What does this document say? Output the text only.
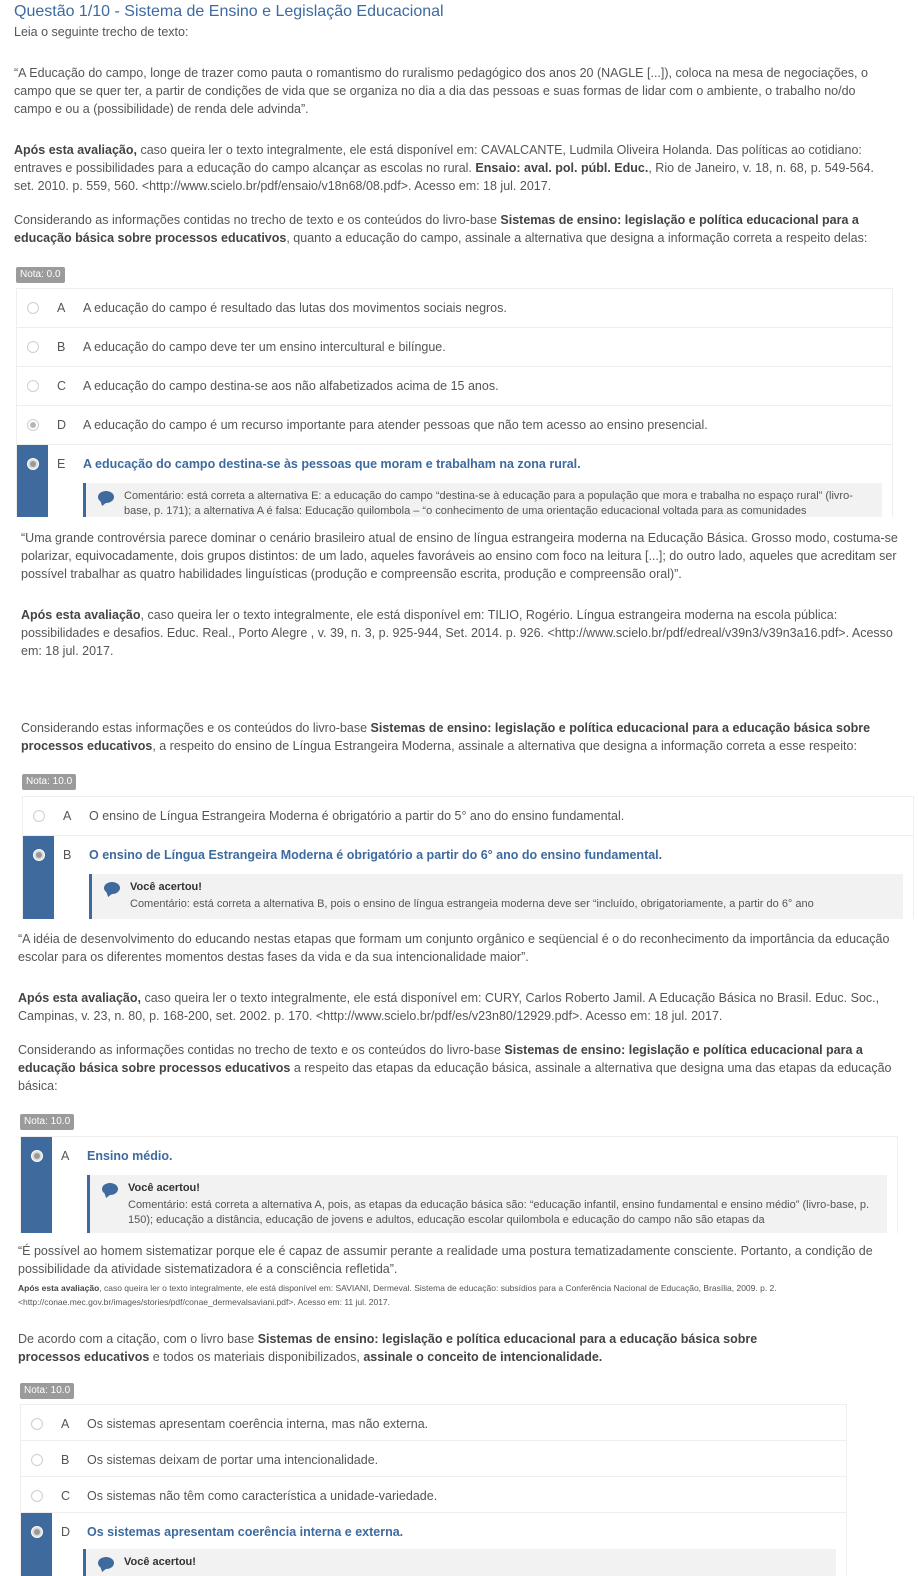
Questão 1/10 - Sistema de Ensino e Legislação Educacional
Leia o seguinte trecho de texto:

“A Educação do campo, longe de trazer como pauta o romantismo do ruralismo pedagógico dos anos 20 (NAGLE [...]), coloca na mesa de negociações, o campo que se quer ter, a partir de condições de vida que se organiza no dia a dia das pessoas e suas formas de lidar com o ambiente, o trabalho no/do campo e ou a (possibilidade) de renda dele advinda”.

Após esta avaliação, caso queira ler o texto integralmente, ele está disponível em: CAVALCANTE, Ludmila Oliveira Holanda. Das políticas ao cotidiano: entraves e possibilidades para a educação do campo alcançar as escolas no rural. Ensaio: aval. pol. públ. Educ., Rio de Janeiro, v. 18, n. 68, p. 549-564. set. 2010. p. 559, 560. <http://www.scielo.br/pdf/ensaio/v18n68/08.pdf>. Acesso em: 18 jul. 2017.

Considerando as informações contidas no trecho de texto e os conteúdos do livro-base Sistemas de ensino: legislação e política educacional para a educação básica sobre processos educativos, quanto a educação do campo, assinale a alternativa que designa a informação correta a respeito delas:

Nota: 0.0
A A educação do campo é resultado das lutas dos movimentos sociais negros.
B A educação do campo deve ter um ensino intercultural e bilíngue.
C A educação do campo destina-se aos não alfabetizados acima de 15 anos.
D A educação do campo é um recurso importante para atender pessoas que não tem acesso ao ensino presencial.
E A educação do campo destina-se às pessoas que moram e trabalham na zona rural.
Comentário: está correta a alternativa E: a educação do campo “destina-se à educação para a população que mora e trabalha no espaço rural” (livro-base, p. 171); a alternativa A é falsa: Educação quilombola – “o conhecimento de uma orientação educacional voltada para as comunidades

“Uma grande controvérsia parece dominar o cenário brasileiro atual de ensino de língua estrangeira moderna na Educação Básica. Grosso modo, costuma-se polarizar, equivocadamente, dois grupos distintos: de um lado, aqueles favoráveis ao ensino com foco na leitura [...]; do outro lado, aqueles que acreditam ser possível trabalhar as quatro habilidades linguísticas (produção e compreensão escrita, produção e compreensão oral)”.

Após esta avaliação, caso queira ler o texto integralmente, ele está disponível em: TILIO, Rogério. Língua estrangeira moderna na escola pública: possibilidades e desafios. Educ. Real., Porto Alegre , v. 39, n. 3, p. 925-944, Set. 2014. p. 926. <http://www.scielo.br/pdf/edreal/v39n3/v39n3a16.pdf>. Acesso em: 18 jul. 2017.

Considerando estas informações e os conteúdos do livro-base Sistemas de ensino: legislação e política educacional para a educação básica sobre processos educativos, a respeito do ensino de Língua Estrangeira Moderna, assinale a alternativa que designa a informação correta a esse respeito:

Nota: 10.0
A O ensino de Língua Estrangeira Moderna é obrigatório a partir do 5° ano do ensino fundamental.
B O ensino de Língua Estrangeira Moderna é obrigatório a partir do 6° ano do ensino fundamental.
Você acertou!
Comentário: está correta a alternativa B, pois o ensino de língua estrangeia moderna deve ser “incluído, obrigatoriamente, a partir do 6° ano

“A idéia de desenvolvimento do educando nestas etapas que formam um conjunto orgânico e seqüencial é o do reconhecimento da importância da educação escolar para os diferentes momentos destas fases da vida e da sua intencionalidade maior”.

Após esta avaliação, caso queira ler o texto integralmente, ele está disponível em: CURY, Carlos Roberto Jamil. A Educação Básica no Brasil. Educ. Soc., Campinas, v. 23, n. 80, p. 168-200, set. 2002. p. 170. <http://www.scielo.br/pdf/es/v23n80/12929.pdf>. Acesso em: 18 jul. 2017.

Considerando as informações contidas no trecho de texto e os conteúdos do livro-base Sistemas de ensino: legislação e política educacional para a educação básica sobre processos educativos a respeito das etapas da educação básica, assinale a alternativa que designa uma das etapas da educação básica:

Nota: 10.0
A Ensino médio.
Você acertou!
Comentário: está correta a alternativa A, pois, as etapas da educação básica são: “educação infantil, ensino fundamental e ensino médio” (livro-base, p. 150); educação a distância, educação de jovens e adultos, educação escolar quilombola e educação do campo não são etapas da

“É possível ao homem sistematizar porque ele é capaz de assumir perante a realidade uma postura tematizadamente consciente. Portanto, a condição de possibilidade da atividade sistematizadora é a consciência refletida”.

Após esta avaliação, caso queira ler o texto integralmente, ele está disponível em: SAVIANI, Dermeval. Sistema de educação: subsídios para a Conferência Nacional de Educação, Brasília, 2009. p. 2. <http://conae.mec.gov.br/images/stories/pdf/conae_dermevalsaviani.pdf>. Acesso em: 11 jul. 2017.

De acordo com a citação, com o livro base Sistemas de ensino: legislação e política educacional para a educação básica sobre processos educativos e todos os materiais disponibilizados, assinale o conceito de intencionalidade.

Nota: 10.0
A Os sistemas apresentam coerência interna, mas não externa.
B Os sistemas deixam de portar uma intencionalidade.
C Os sistemas não têm como característica a unidade-variedade.
D Os sistemas apresentam coerência interna e externa.
Você acertou!
